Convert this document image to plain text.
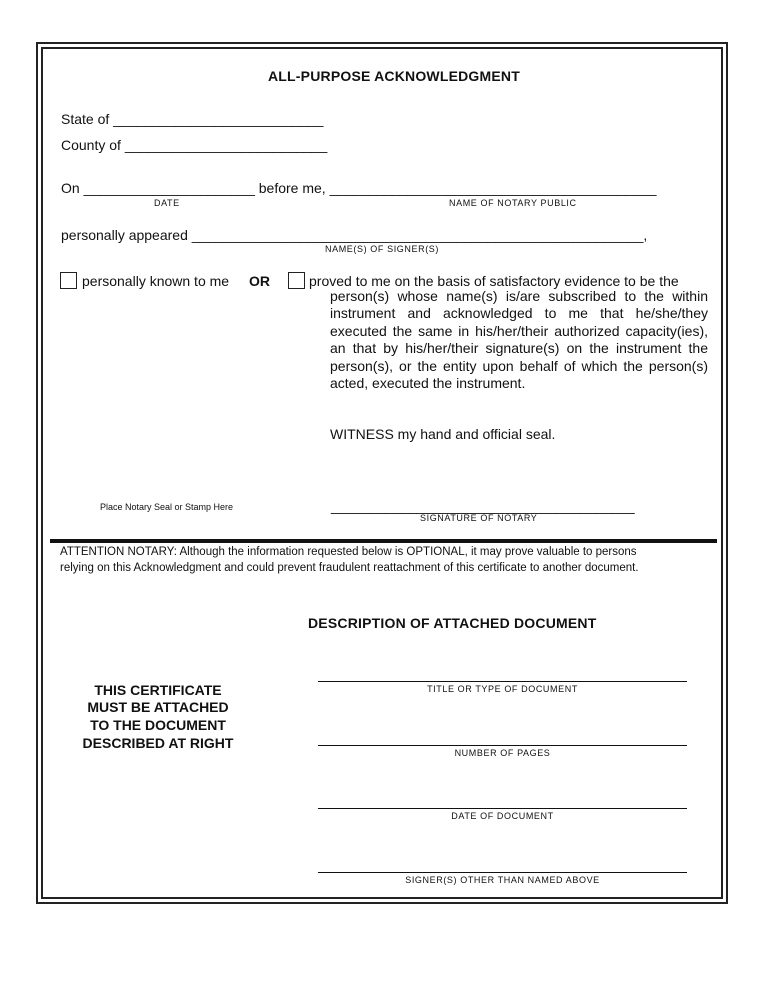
ALL-PURPOSE ACKNOWLEDGMENT
State of ___________________________
County of __________________________
On ______________________ before me, __________________________________________
DATE	NAME OF NOTARY PUBLIC
personally appeared __________________________________________________________,
NAME(S) OF SIGNER(S)
personally known to me OR	proved to me on the basis of satisfactory evidence to be the
person(s) whose name(s) is/are subscribed to the within instrument and acknowledged to me that he/she/they executed the same in his/her/their authorized capacity(ies), an that by his/her/their signature(s) on the instrument the person(s), or the entity upon behalf of which the person(s) acted, executed the instrument.
WITNESS my hand and official seal.
Place Notary Seal or Stamp Here	_______________________________________
SIGNATURE OF NOTARY
ATTENTION NOTARY: Although the information requested below is OPTIONAL, it may prove valuable to persons
relying on this Acknowledgment and could prevent fraudulent reattachment of this certificate to another document.
DESCRIPTION OF ATTACHED DOCUMENT
THIS CERTIFICATE
MUST BE ATTACHED
TO THE DOCUMENT
DESCRIBED AT RIGHT
TITLE OR TYPE OF DOCUMENT
NUMBER OF PAGES
DATE OF DOCUMENT
SIGNER(S) OTHER THAN NAMED ABOVE
